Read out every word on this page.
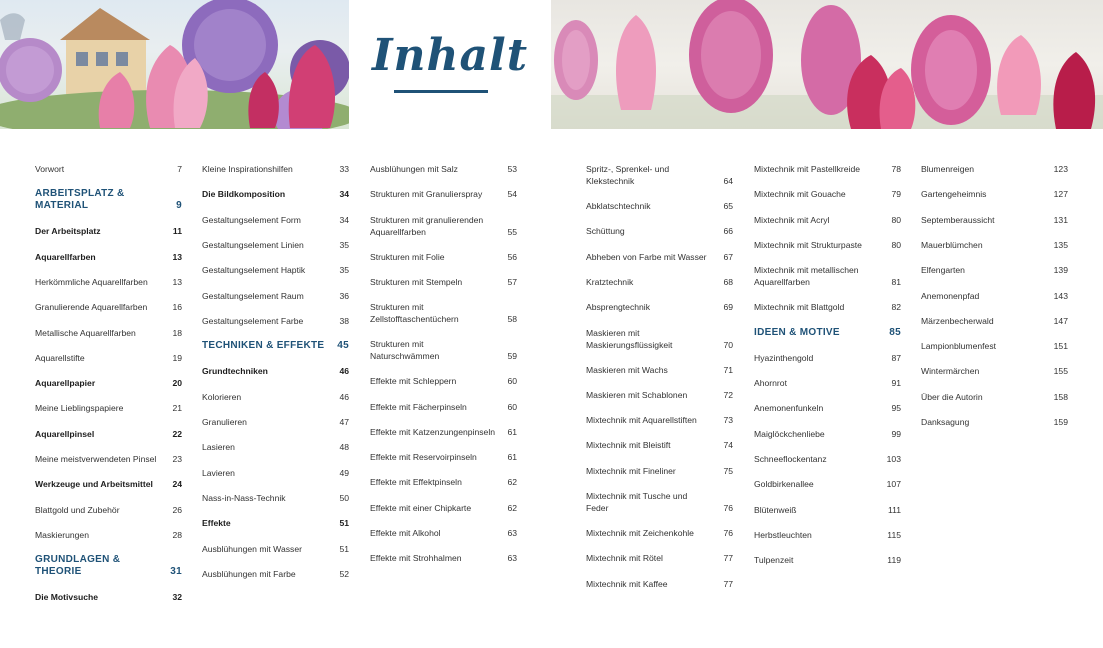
Inhalt
Vorwort	7
ARBEITSPLATZ & MATERIAL	9
Der Arbeitsplatz	11
Aquarellfarben	13
Herkömmliche Aquarellfarben	13
Granulierende Aquarellfarben	16
Metallische Aquarellfarben	18
Aquarellstifte	19
Aquarellpapier	20
Meine Lieblingspapiere	21
Aquarellpinsel	22
Meine meistverwendeten Pinsel	23
Werkzeuge und Arbeitsmittel	24
Blattgold und Zubehör	26
Maskierungen	28
GRUNDLAGEN & THEORIE	31
Die Motivsuche	32
Kleine Inspirationshilfen	33
Die Bildkomposition	34
Gestaltungselement Form	34
Gestaltungselement Linien	35
Gestaltungselement Haptik	35
Gestaltungselement Raum	36
Gestaltungselement Farbe	38
TECHNIKEN & EFFEKTE 45
Grundtechniken	46
Kolorieren	46
Granulieren	47
Lasieren	48
Lavieren	49
Nass-in-Nass-Technik	50
Effekte	51
Ausblühungen mit Wasser	51
Ausblühungen mit Farbe	52
Ausblühungen mit Salz	53
Strukturen mit Granulierspray	54
Strukturen mit granulierenden Aquarellfarben	55
Strukturen mit Folie	56
Strukturen mit Stempeln	57
Strukturen mit Zellstofftaschentüchern	58
Strukturen mit Naturschwämmen	59
Effekte mit Schleppern	60
Effekte mit Fächerpinseln	60
Effekte mit Katzenzungenpinseln 61
Effekte mit Reservoirpinseln	61
Effekte mit Effektpinseln	62
Effekte mit einer Chipkarte	62
Effekte mit Alkohol	63
Effekte mit Strohhalmen	63
Spritz-, Sprenkel- und Klekstechnik	64
Abklatschtechnik	65
Schüttung	66
Abheben von Farbe mit Wasser	67
Kratztechnik	68
Absprengtechnik	69
Maskieren mit Maskierungsflüssigkeit	70
Maskieren mit Wachs	71
Maskieren mit Schablonen	72
Mixtechnik mit Aquarellstiften	73
Mixtechnik mit Bleistift	74
Mixtechnik mit Fineliner	75
Mixtechnik mit Tusche und Feder	76
Mixtechnik mit Zeichenkohle	76
Mixtechnik mit Rötel	77
Mixtechnik mit Kaffee	77
Mixtechnik mit Pastellkreide	78
Mixtechnik mit Gouache	79
Mixtechnik mit Acryl	80
Mixtechnik mit Strukturpaste	80
Mixtechnik mit metallischen Aquarellfarben	81
Mixtechnik mit Blattgold	82
IDEEN & MOTIVE	85
Hyazinthengold	87
Ahornrot	91
Anemonenfunkeln	95
Maiglöckchenliebe	99
Schneeflockentanz	103
Goldbirkenallee	107
Blütenweiß	111
Herbstleuchten	115
Tulpenzeit	119
Blumenreigen	123
Gartengeheimnis	127
Septemberaussicht	131
Mauerblümchen	135
Elfengarten	139
Anemonenpfad	143
Märzenbecherwald	147
Lampionblumenfest	151
Wintermärchen	155
Über die Autorin	158
Danksagung	159
